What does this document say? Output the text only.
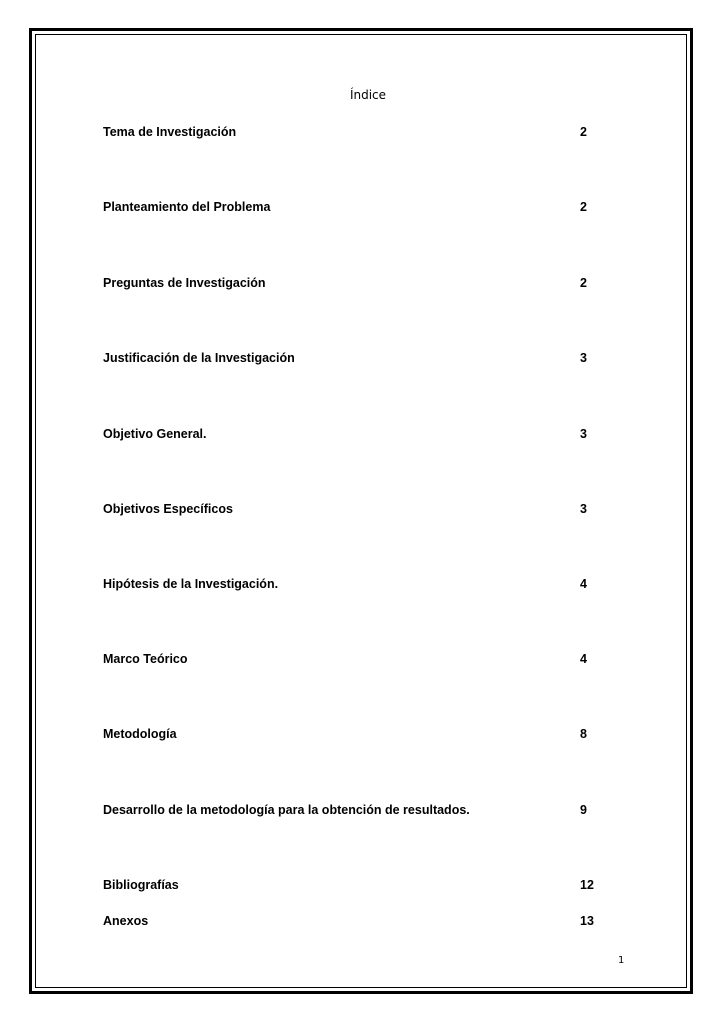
Índice
Tema de Investigación	2
Planteamiento del Problema	2
Preguntas de Investigación	2
Justificación de la Investigación	3
Objetivo General.	3
Objetivos Específicos	3
Hipótesis de la Investigación.	4
Marco Teórico	4
Metodología	8
Desarrollo de la metodología para la obtención de resultados.	9
Bibliografías	12
Anexos	13
1
